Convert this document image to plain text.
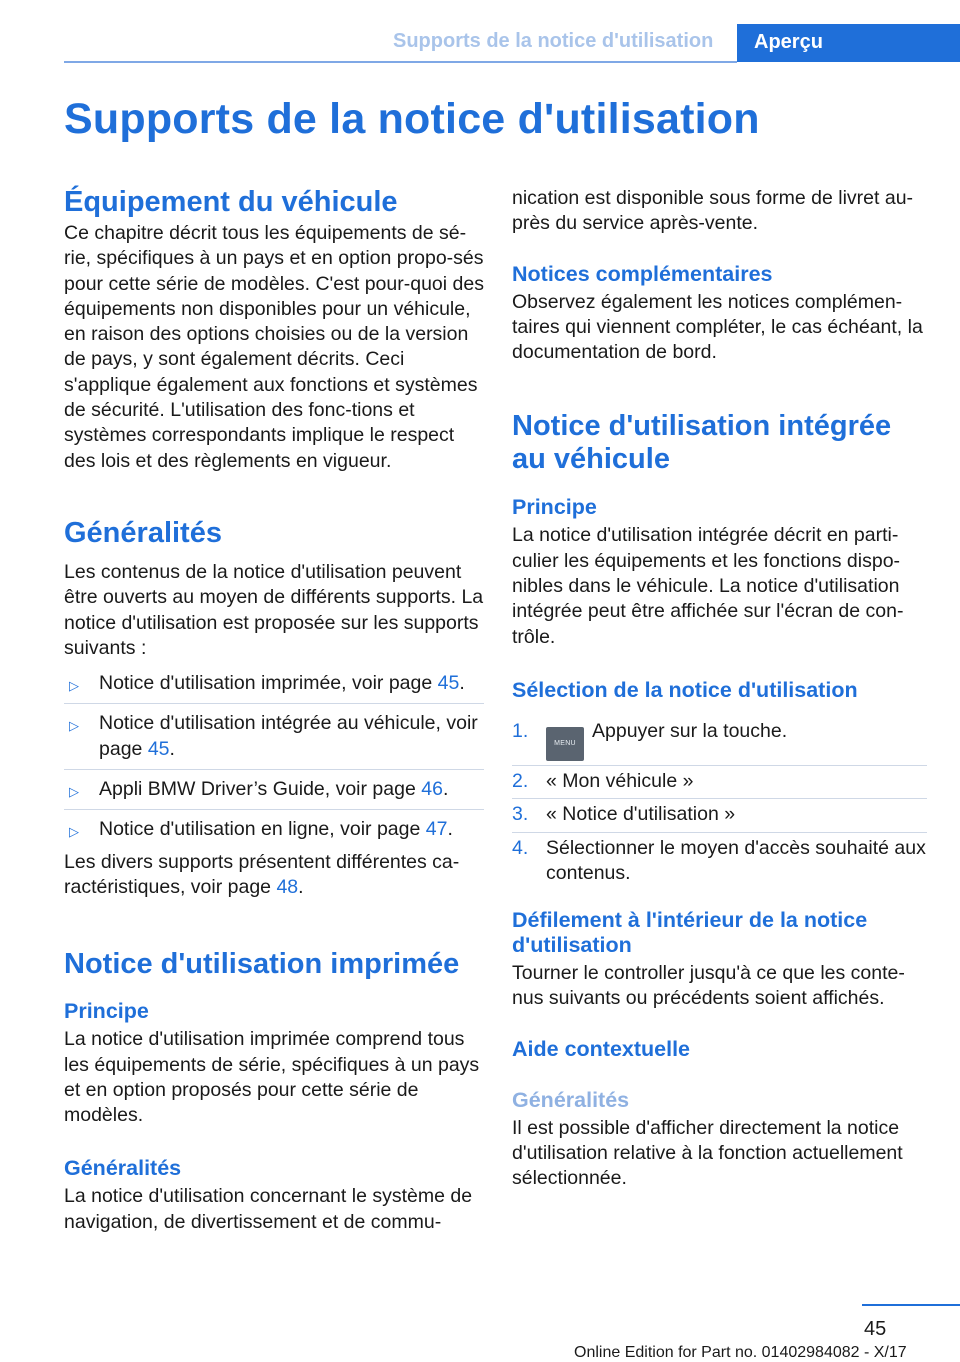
Supports de la notice d'utilisation	Aperçu
Supports de la notice d'utilisation
Équipement du véhicule

Ce chapitre décrit tous les équipements de sé‐rie, spécifiques à un pays et en option propo‐sés pour cette série de modèles. C'est pour‐quoi des équipements non disponibles pour un véhicule, en raison des options choisies ou de la version de pays, y sont également décrits. Ceci s'applique également aux fonctions et systèmes de sécurité. L'utilisation des fonc‐tions et systèmes correspondants implique le respect des lois et des règlements en vigueur.

Généralités

Les contenus de la notice d'utilisation peuvent être ouverts au moyen de différents supports. La notice d'utilisation est proposée sur les supports suivants :

▷ Notice d'utilisation imprimée, voir page 45.
▷ Notice d'utilisation intégrée au véhicule, voir page 45.
▷ Appli BMW Driver’s Guide, voir page 46.
▷ Notice d'utilisation en ligne, voir page 47.

Les divers supports présentent différentes ca‐ractéristiques, voir page 48.

Notice d'utilisation imprimée
Principe

La notice d'utilisation imprimée comprend tous les équipements de série, spécifiques à un pays et en option proposés pour cette série de modèles.

Généralités

La notice d'utilisation concernant le système de navigation, de divertissement et de commu‐

nication est disponible sous forme de livret au‐près du service après-vente.

Notices complémentaires

Observez également les notices complémen‐taires qui viennent compléter, le cas échéant, la documentation de bord.

Notice d'utilisation intégrée au véhicule
Principe

La notice d'utilisation intégrée décrit en parti‐culier les équipements et les fonctions dispo‐nibles dans le véhicule. La notice d'utilisation intégrée peut être affichée sur l'écran de con‐trôle.

Sélection de la notice d'utilisation
1.
MENUAppuyer sur la touche.
2. « Mon véhicule »
3. « Notice d'utilisation »
4. Sélectionner le moyen d'accès souhaité aux contenus.
Défilement à l'intérieur de la notice d'utilisation

Tourner le controller jusqu'à ce que les conte‐nus suivants ou précédents soient affichés.

Aide contextuelle
Généralités

Il est possible d'afficher directement la notice d'utilisation relative à la fonction actuellement sélectionnée.

45
Online Edition for Part no. 01402984082 - X/17
